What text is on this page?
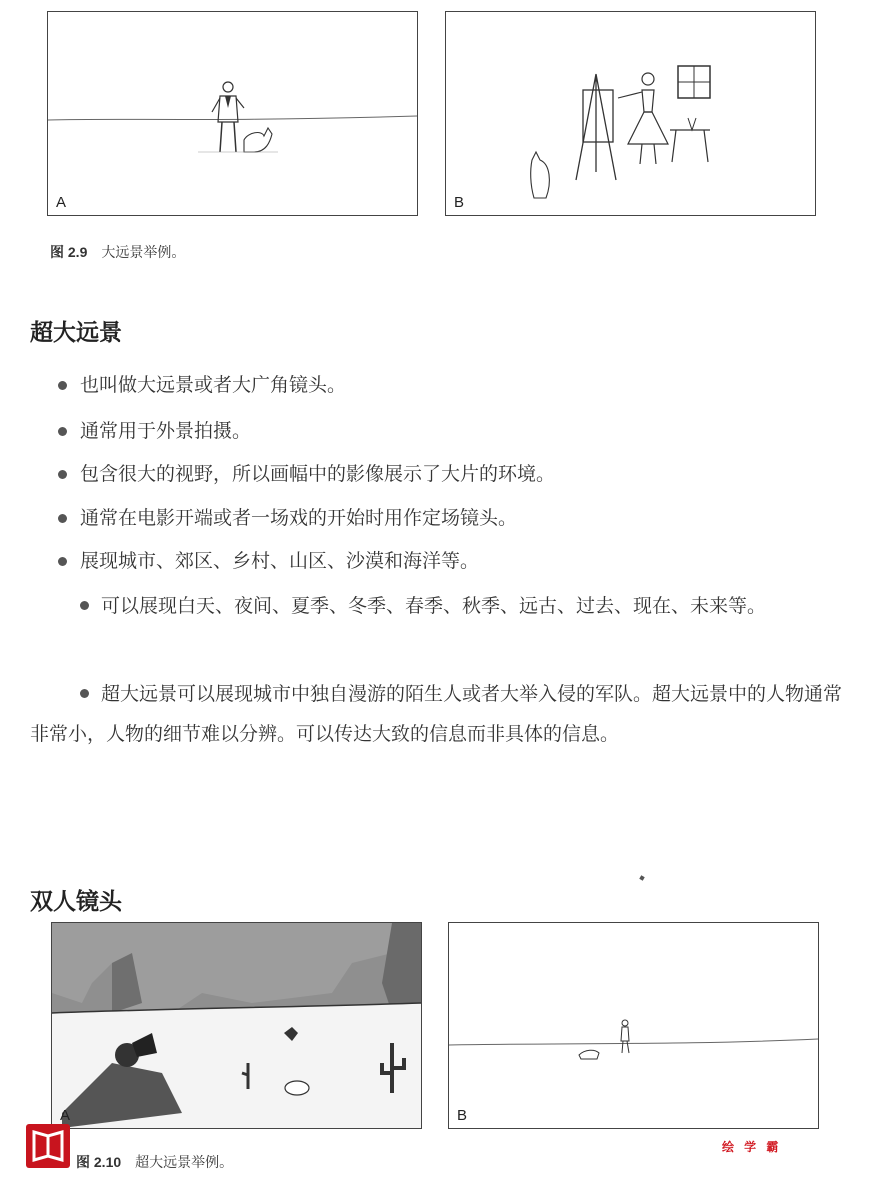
A	B
图 2.9 大远景举例。
超大远景
也叫做大远景或者大广角镜头。
通常用于外景拍摄。
包含很大的视野，所以画幅中的影像展示了大片的环境。
通常在电影开端或者一场戏的开始时用作定场镜头。
展现城市、郊区、乡村、山区、沙漠和海洋等。
可以展现白天、夜间、夏季、冬季、春季、秋季、远古、过去、现在、未来等。
超大远景可以展现城市中独自漫游的陌生人或者大举入侵的军队。超大远景中的人物通常非常小，人物的细节难以分辨。可以传达大致的信息而非具体的信息。
双人镜头
A	B
图 2.10 超大远景举例。
绘 学 霸
